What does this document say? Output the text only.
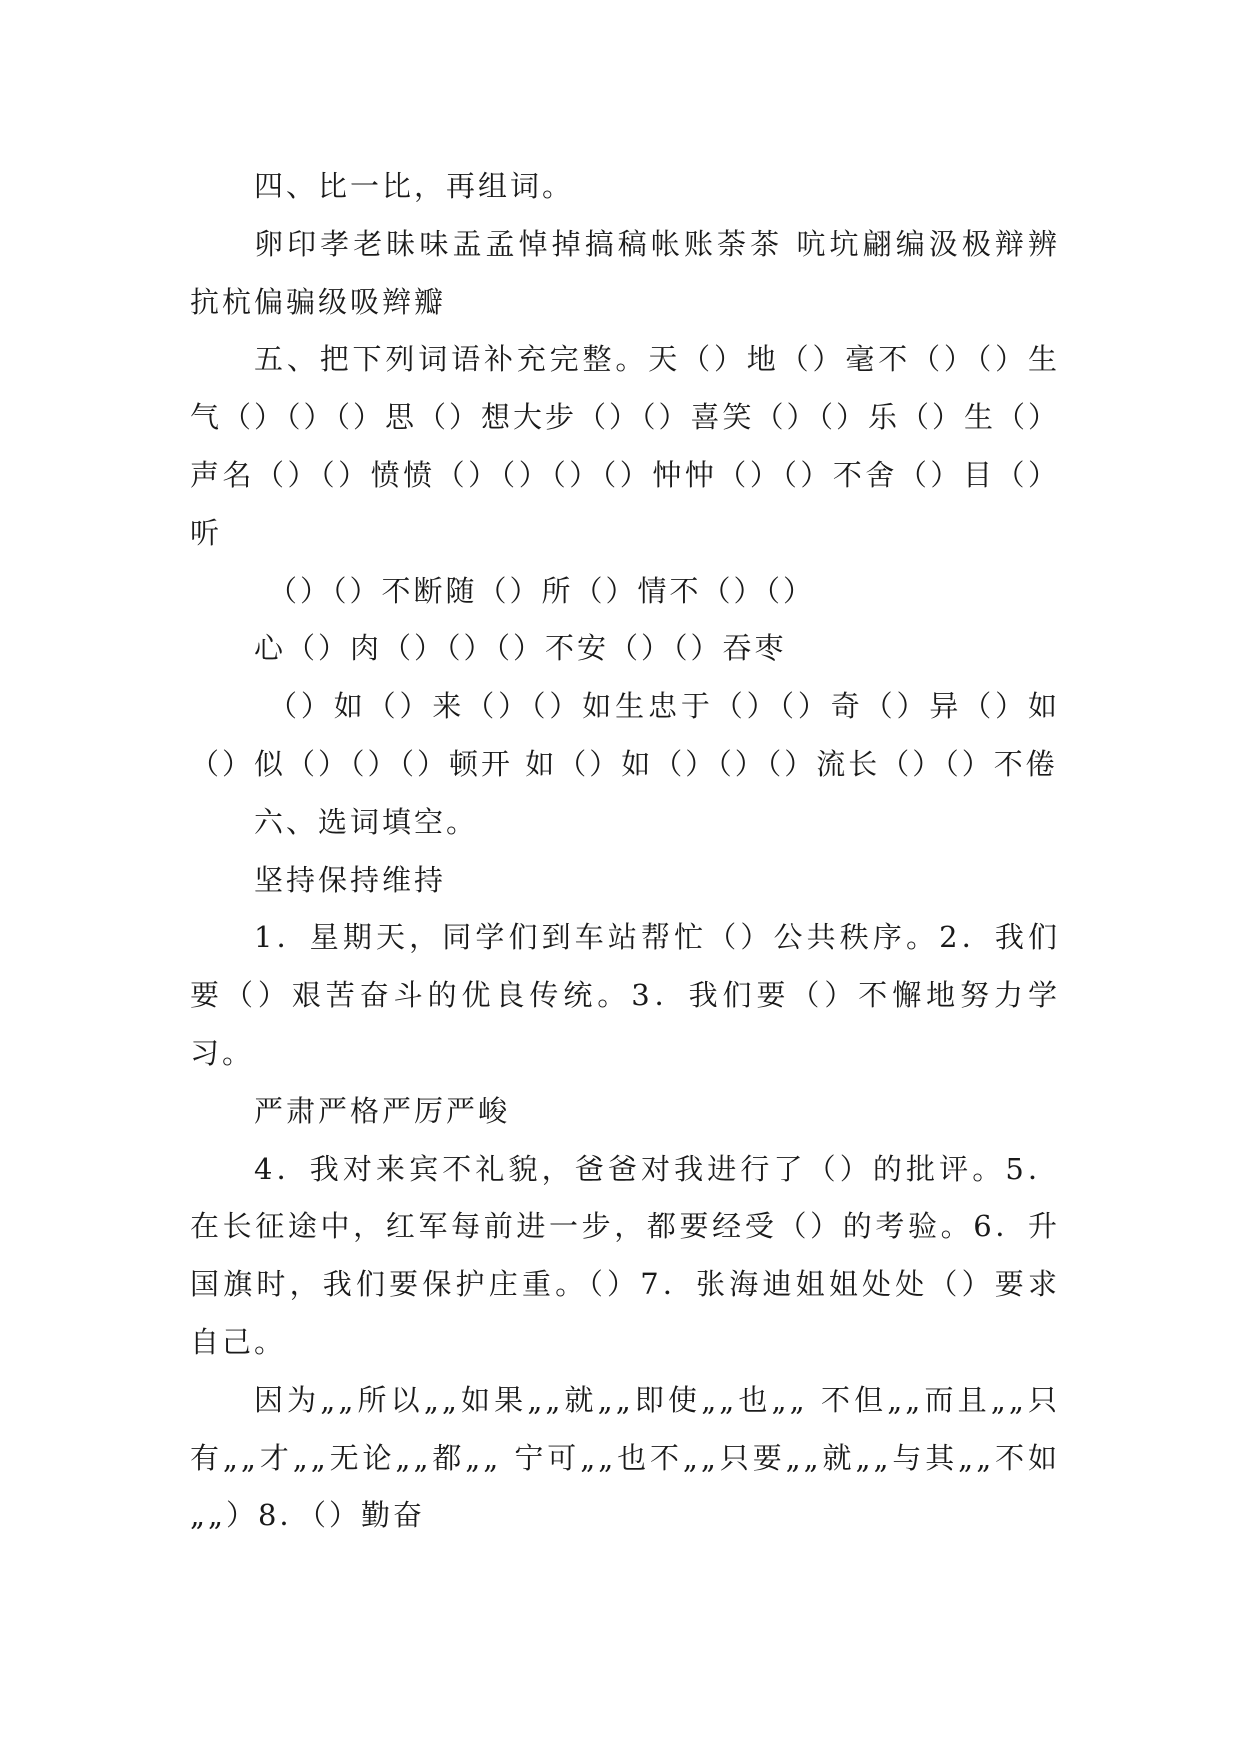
四、比一比，再组词。

卵印孝老昧味盂孟悼掉搞稿帐账荼茶 吭坑翩编汲极辩辨 抗杭偏骗级吸辫瓣

五、把下列词语补充完整。天（）地（）毫不（）（）生气（）（）（）思（）想大步（）（）喜笑（）（）乐（）生（）声名（）（）愤愤（）（）（）（）忡忡（）（）不舍（）目（）听

（）（）不断随（）所（）情不（）（）

心（）肉（）（）（）不安（）（）吞枣

（）如（）来（）（）如生忠于（）（）奇（）异（）如（）似（）（）（）顿开 如（）如（）（）（）流长（）（）不倦

六、选词填空。

坚持保持维持

1．星期天，同学们到车站帮忙（）公共秩序。2．我们要（）艰苦奋斗的优良传统。3．我们要（）不懈地努力学习。

严肃严格严厉严峻

4．我对来宾不礼貌，爸爸对我进行了（）的批评。5．在长征途中，红军每前进一步，都要经受（）的考验。6．升国旗时，我们要保护庄重。（）7．张海迪姐姐处处（）要求自己。

因为„„所以„„如果„„就„„即使„„也„„ 不但„„而且„„只有„„才„„无论„„都„„ 宁可„„也不„„只要„„就„„与其„„不如„„）8．（）勤奋
